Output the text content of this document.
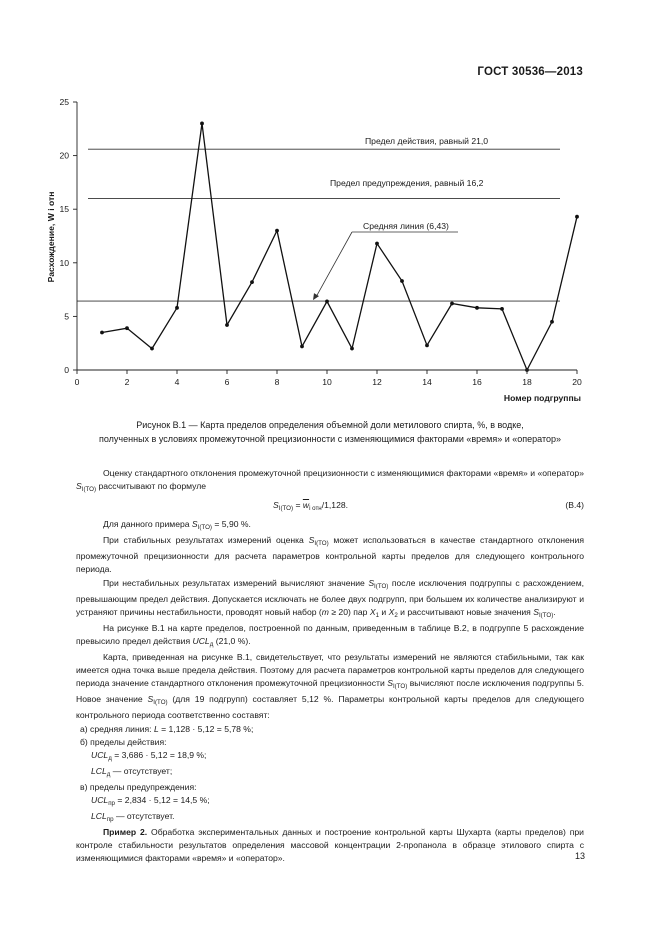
ГОСТ 30536—2013
0
5
10
15
20
25
0	2	4	6	8	10	12	14	16	18	20
Расхождение, W i отн
Номер подгруппы
Предел действия, равный 21,0
Предел предупреждения, равный 16,2
Средняя линия (6,43)
Рисунок В.1 — Карта пределов определения объемной доли метилового спирта, %, в водке,
полученных в условиях промежуточной прецизионности с изменяющимися факторами «время» и «оператор»

Оценку стандартного отклонения промежуточной прецизионности с изменяющимися факторами «время» и «оператор» $S_{I(TO)}$ рассчитывают по формуле

$S_{I(TO)} = \overline{w}_{і отн}/1,128$.	(В.4)

Для данного примера $S_{I(TO)} = 5,90$ %.

При стабильных результатах измерений оценка $S_{I(TO)}$ может использоваться в качестве стандартного отклонения промежуточной прецизионности для расчета параметров контрольной карты пределов для следующего контрольного периода.

При нестабильных результатах измерений вычисляют значение $S_{I(TO)}$ после исключения подгруппы с расхождением, превышающим предел действия. Допускается исключать не более двух подгрупп, при большем их количестве анализируют и устраняют причины нестабильности, проводят новый набор (m ≥ 20) пар $X_1$ и $X_2$ и рассчитывают новые значения $S_{I(TO)}$.

На рисунке В.1 на карте пределов, построенной по данным, приведенным в таблице В.2, в подгруппе 5 расхождение превысило предел действия $UCL_д$ (21,0 %).

Карта, приведенная на рисунке В.1, свидетельствует, что результаты измерений не являются стабильными, так как имеется одна точка выше предела действия. Поэтому для расчета параметров контрольной карты пределов для следующего периода значение стандартного отклонения промежуточной прецизионности $S_{I(TO)}$ вычисляют после исключения подгруппы 5. Новое значение $S_{I(TO)}$ (для 19 подгрупп) составляет 5,12 %. Параметры контрольной карты пределов для следующего контрольного периода соответственно составят:

а) средняя линия: L = 1,128 · 5,12 = 5,78 %;

б) пределы действия:

$UCL_д = 3,686 \cdot 5,12 = 18,9$ %;

$LCL_д$ — отсутствует;

в) пределы предупреждения:

$UCL_{пр} = 2,834 \cdot 5,12 = 14,5$ %;

$LCL_{пр}$ — отсутствует.

Пример 2. Обработка экспериментальных данных и построение контрольной карты Шухарта (карты пределов) при контроле стабильности результатов определения массовой концентрации 2-пропанола в образце этилового спирта с изменяющимися факторами «время» и «оператор».	13
